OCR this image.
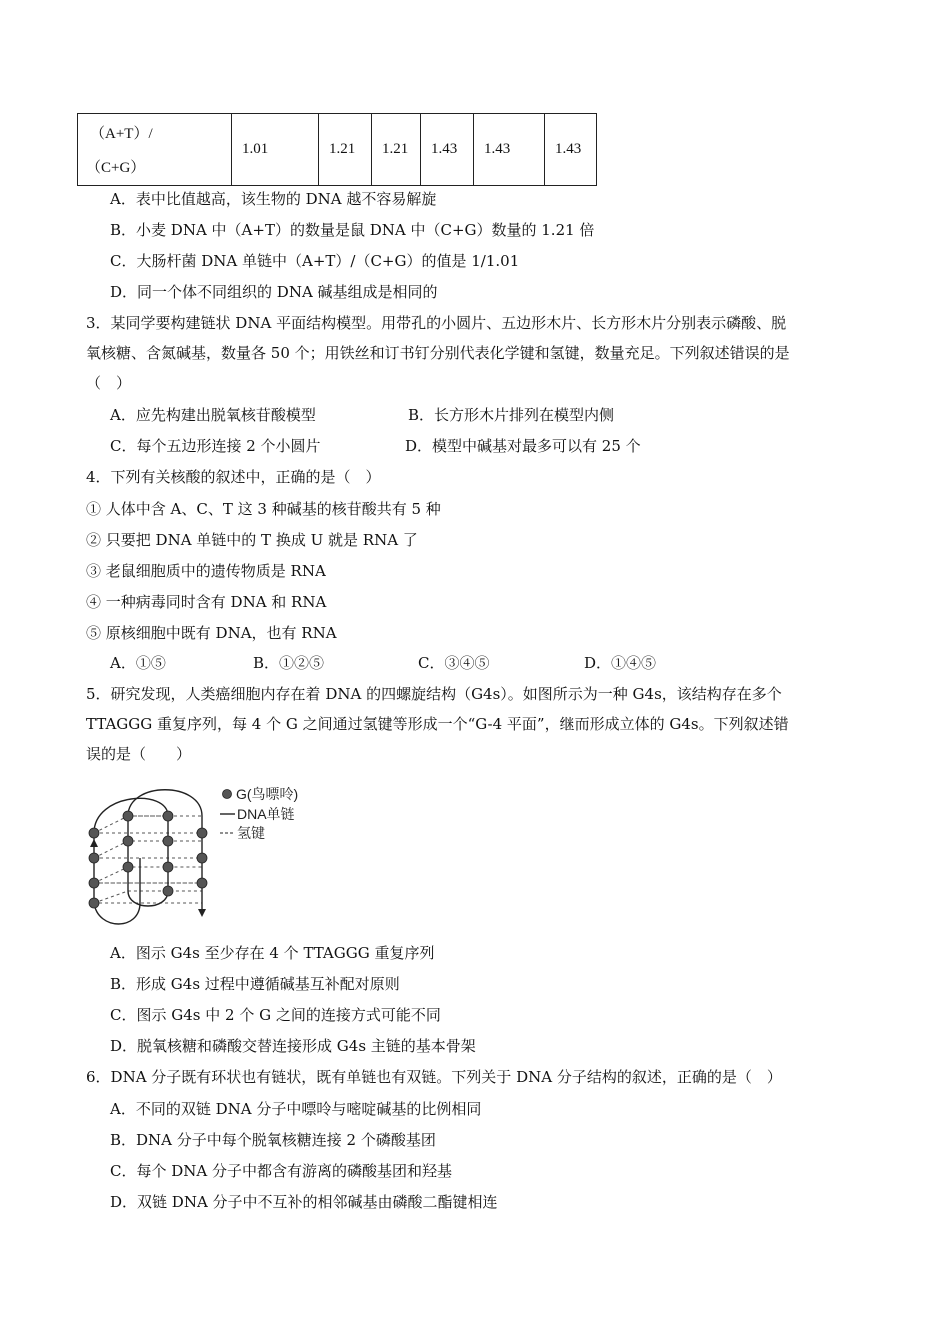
（A+T）/
（C+G）
	1.01	1.21	1.21	1.43	1.43	1.43
A．表中比值越高，该生物的 DNA 越不容易解旋
B．小麦 DNA 中（A+T）的数量是鼠 DNA 中（C+G）数量的 1.21 倍
C．大肠杆菌 DNA 单链中（A+T）/（C+G）的值是 1/1.01
D．同一个体不同组织的 DNA 碱基组成是相同的
3．某同学要构建链状 DNA 平面结构模型。用带孔的小圆片、五边形木片、长方形木片分别表示磷酸、脱
氧核糖、含氮碱基，数量各 50 个；用铁丝和订书钉分别代表化学键和氢键，数量充足。下列叙述错误的是
（　）
A．应先构建出脱氧核苷酸模型	B．长方形木片排列在模型内侧
C．每个五边形连接 2 个小圆片	D．模型中碱基对最多可以有 25 个
4．下列有关核酸的叙述中，正确的是（　）
① 人体中含 A、C、T 这 3 种碱基的核苷酸共有 5 种
② 只要把 DNA 单链中的 T 换成 U 就是 RNA 了
③ 老鼠细胞质中的遗传物质是 RNA
④ 一种病毒同时含有 DNA 和 RNA
⑤ 原核细胞中既有 DNA，也有 RNA
A．①⑤	B．①②⑤	C．③④⑤	D．①④⑤
5．研究发现，人类癌细胞内存在着 DNA 的四螺旋结构（G4s）。如图所示为一种 G4s，该结构存在多个
TTAGGG 重复序列，每 4 个 G 之间通过氢键等形成一个“G-4 平面”，继而形成立体的 G4s。下列叙述错
误的是（　　）
G(鸟嘌呤)
DNA单链
氢键
A．图示 G4s 至少存在 4 个 TTAGGG 重复序列
B．形成 G4s 过程中遵循碱基互补配对原则
C．图示 G4s 中 2 个 G 之间的连接方式可能不同
D．脱氧核糖和磷酸交替连接形成 G4s 主链的基本骨架
6．DNA 分子既有环状也有链状，既有单链也有双链。下列关于 DNA 分子结构的叙述，正确的是（　）
A．不同的双链 DNA 分子中嘌呤与嘧啶碱基的比例相同
B．DNA 分子中每个脱氧核糖连接 2 个磷酸基团
C．每个 DNA 分子中都含有游离的磷酸基团和羟基
D．双链 DNA 分子中不互补的相邻碱基由磷酸二酯键相连
